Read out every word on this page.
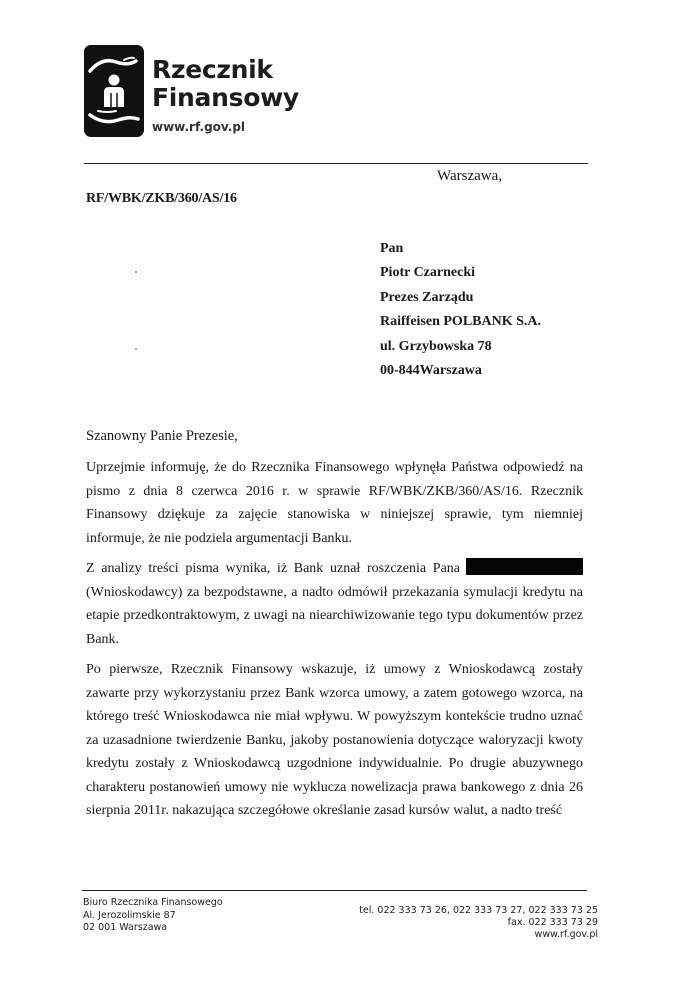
Rzecznik
Finansowy
www.rf.gov.pl
Warszawa,
RF/WBK/ZKB/360/AS/16
Pan
Piotr Czarnecki
Prezes Zarządu
Raiffeisen POLBANK S.A.
ul. Grzybowska 78
00-844Warszawa
Szanowny Panie Prezesie,

Uprzejmie informuję, że do Rzecznika Finansowego wpłynęła Państwa odpowiedź na pismo z dnia 8 czerwca 2016 r. w sprawie RF/WBK/ZKB/360/AS/16. Rzecznik Finansowy dziękuje za zajęcie stanowiska w niniejszej sprawie, tym niemniej informuje, że nie podziela argumentacji Banku.

Z analizy treści pisma wynika, iż Bank uznał roszczenia Pana (Wnioskodawcy) za bezpodstawne, a nadto odmówił przekazania symulacji kredytu na etapie przedkontraktowym, z uwagi na niearchiwizowanie tego typu dokumentów przez Bank.

Po pierwsze, Rzecznik Finansowy wskazuje, iż umowy z Wnioskodawcą zostały zawarte przy wykorzystaniu przez Bank wzorca umowy, a zatem gotowego wzorca, na którego treść Wnioskodawca nie miał wpływu. W powyższym kontekście trudno uznać za uzasadnione twierdzenie Banku, jakoby postanowienia dotyczące waloryzacji kwoty kredytu zostały z Wnioskodawcą uzgodnione indywidualnie. Po drugie abuzywnego charakteru postanowień umowy nie wyklucza nowelizacja prawa bankowego z dnia 26 sierpnia 2011r. nakazująca szczegółowe określanie zasad kursów walut, a nadto treść

Biuro Rzecznika Finansowego
Al. Jerozolimskie 87
02 001 Warszawa
tel. 022 333 73 26, 022 333 73 27, 022 333 73 25
fax. 022 333 73 29
www.rf.gov.pl
